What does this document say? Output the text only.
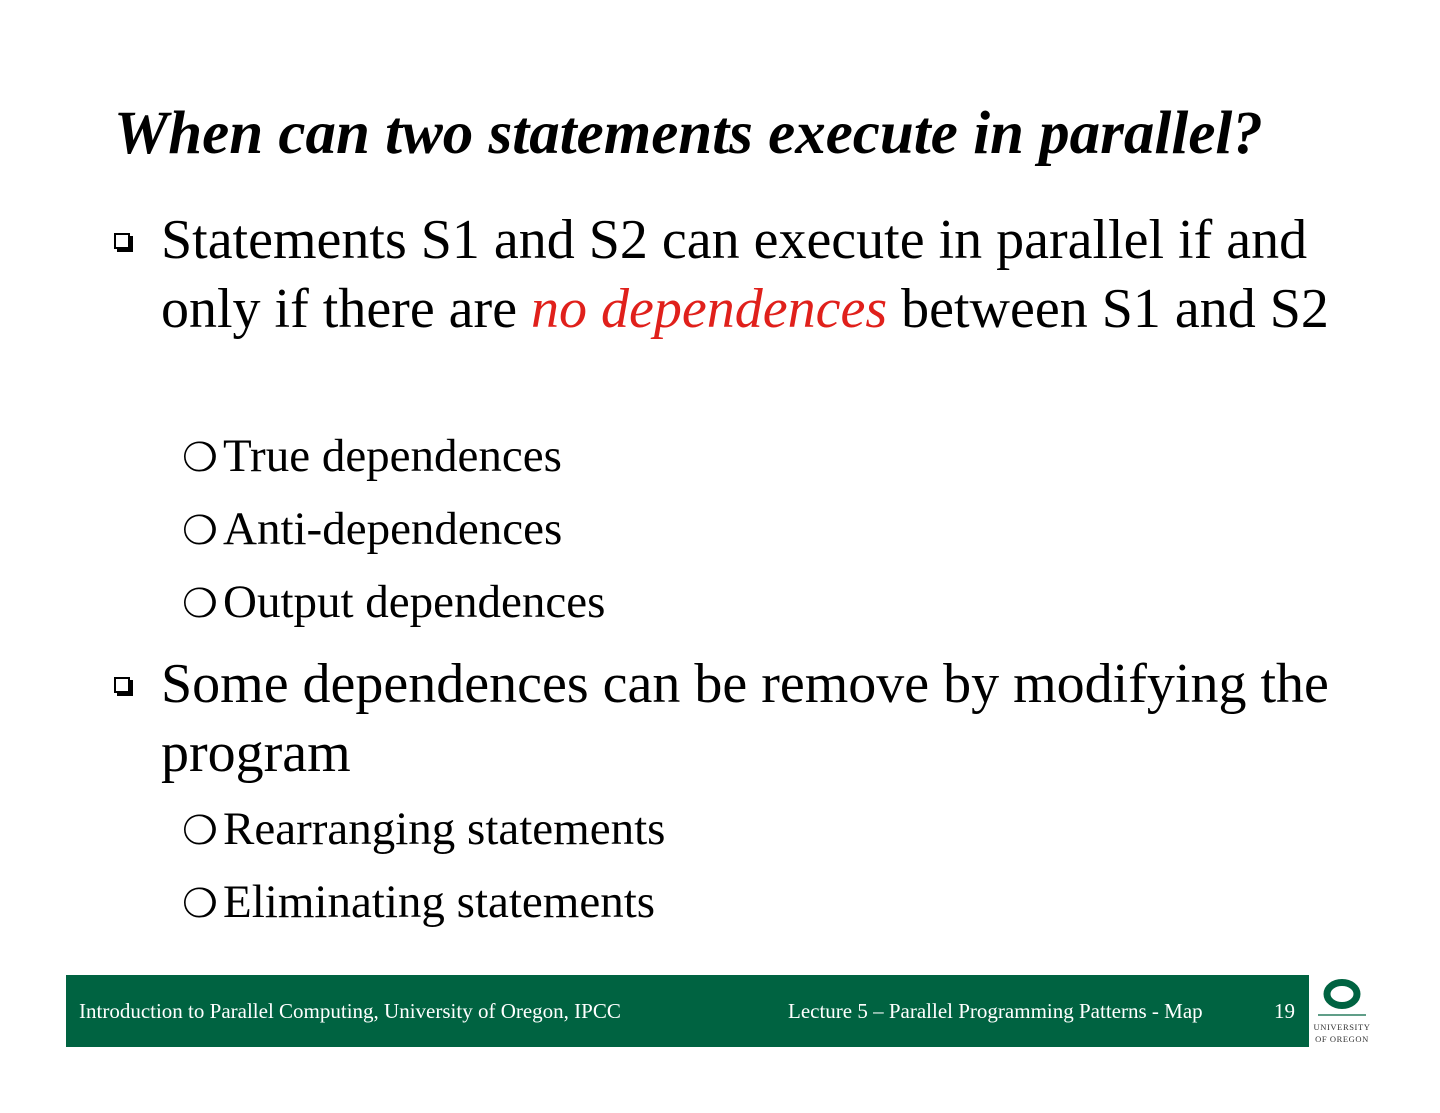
When can two statements execute in parallel?
Statements S1 and S2 can execute in parallel if and only if there are no dependences between S1 and S2
❍ True dependences
❍ Anti-dependences
❍ Output dependences
Some dependences can be remove by modifying the program
❍ Rearranging statements
❍ Eliminating statements
Introduction to Parallel Computing, University of Oregon, IPCC	Lecture 5 – Parallel Programming Patterns - Map	19
UNIVERSITY
OF OREGON
